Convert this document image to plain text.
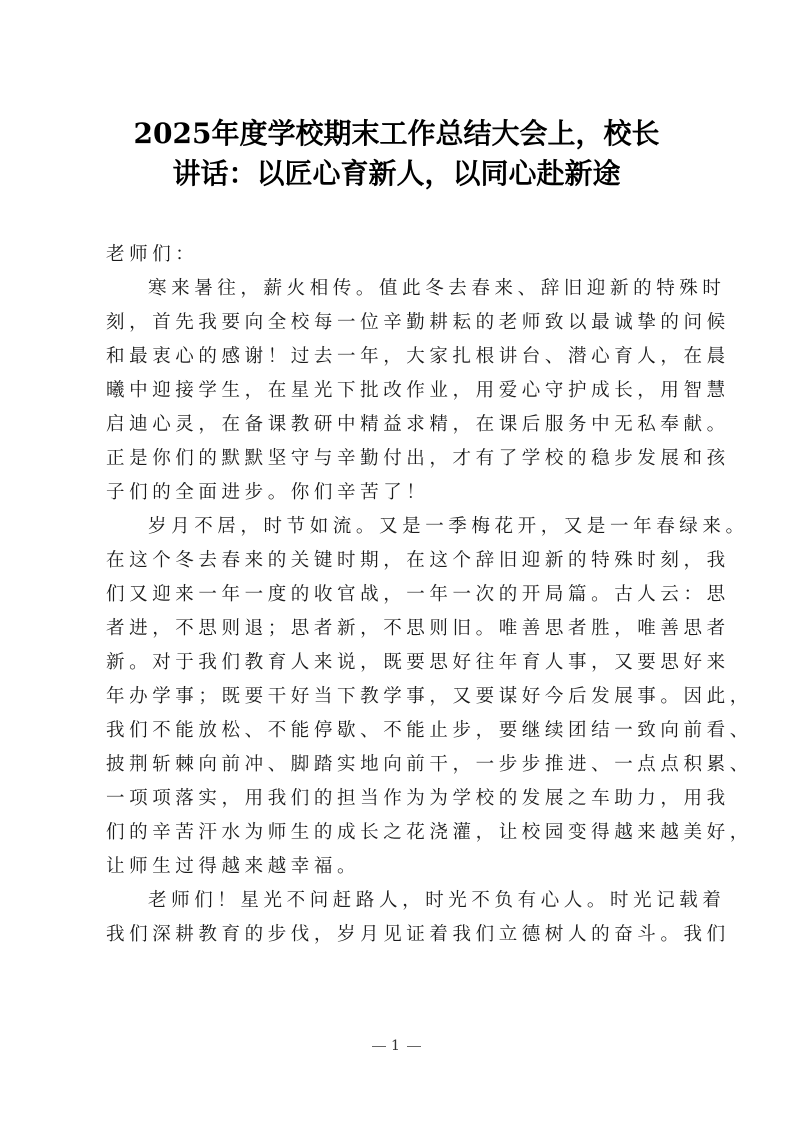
2025年度学校期末工作总结大会上，校长
讲话：以匠心育新人，以同心赴新途
老师们：
寒来暑往，薪火相传。值此冬去春来、辞旧迎新的特殊时
刻，首先我要向全校每一位辛勤耕耘的老师致以最诚挚的问候
和最衷心的感谢！过去一年，大家扎根讲台、潜心育人，在晨
曦中迎接学生，在星光下批改作业，用爱心守护成长，用智慧
启迪心灵，在备课教研中精益求精，在课后服务中无私奉献。
正是你们的默默坚守与辛勤付出，才有了学校的稳步发展和孩
子们的全面进步。你们辛苦了！
岁月不居，时节如流。又是一季梅花开，又是一年春绿来。
在这个冬去春来的关键时期，在这个辞旧迎新的特殊时刻，我
们又迎来一年一度的收官战，一年一次的开局篇。古人云：思
者进，不思则退；思者新，不思则旧。唯善思者胜，唯善思者
新。对于我们教育人来说，既要思好往年育人事，又要思好来
年办学事；既要干好当下教学事，又要谋好今后发展事。因此，
我们不能放松、不能停歇、不能止步，要继续团结一致向前看、
披荆斩棘向前冲、脚踏实地向前干，一步步推进、一点点积累、
一项项落实，用我们的担当作为为学校的发展之车助力，用我
们的辛苦汗水为师生的成长之花浇灌，让校园变得越来越美好，
让师生过得越来越幸福。
老师们！星光不问赶路人，时光不负有心人。时光记载着
我们深耕教育的步伐，岁月见证着我们立德树人的奋斗。我们
1
